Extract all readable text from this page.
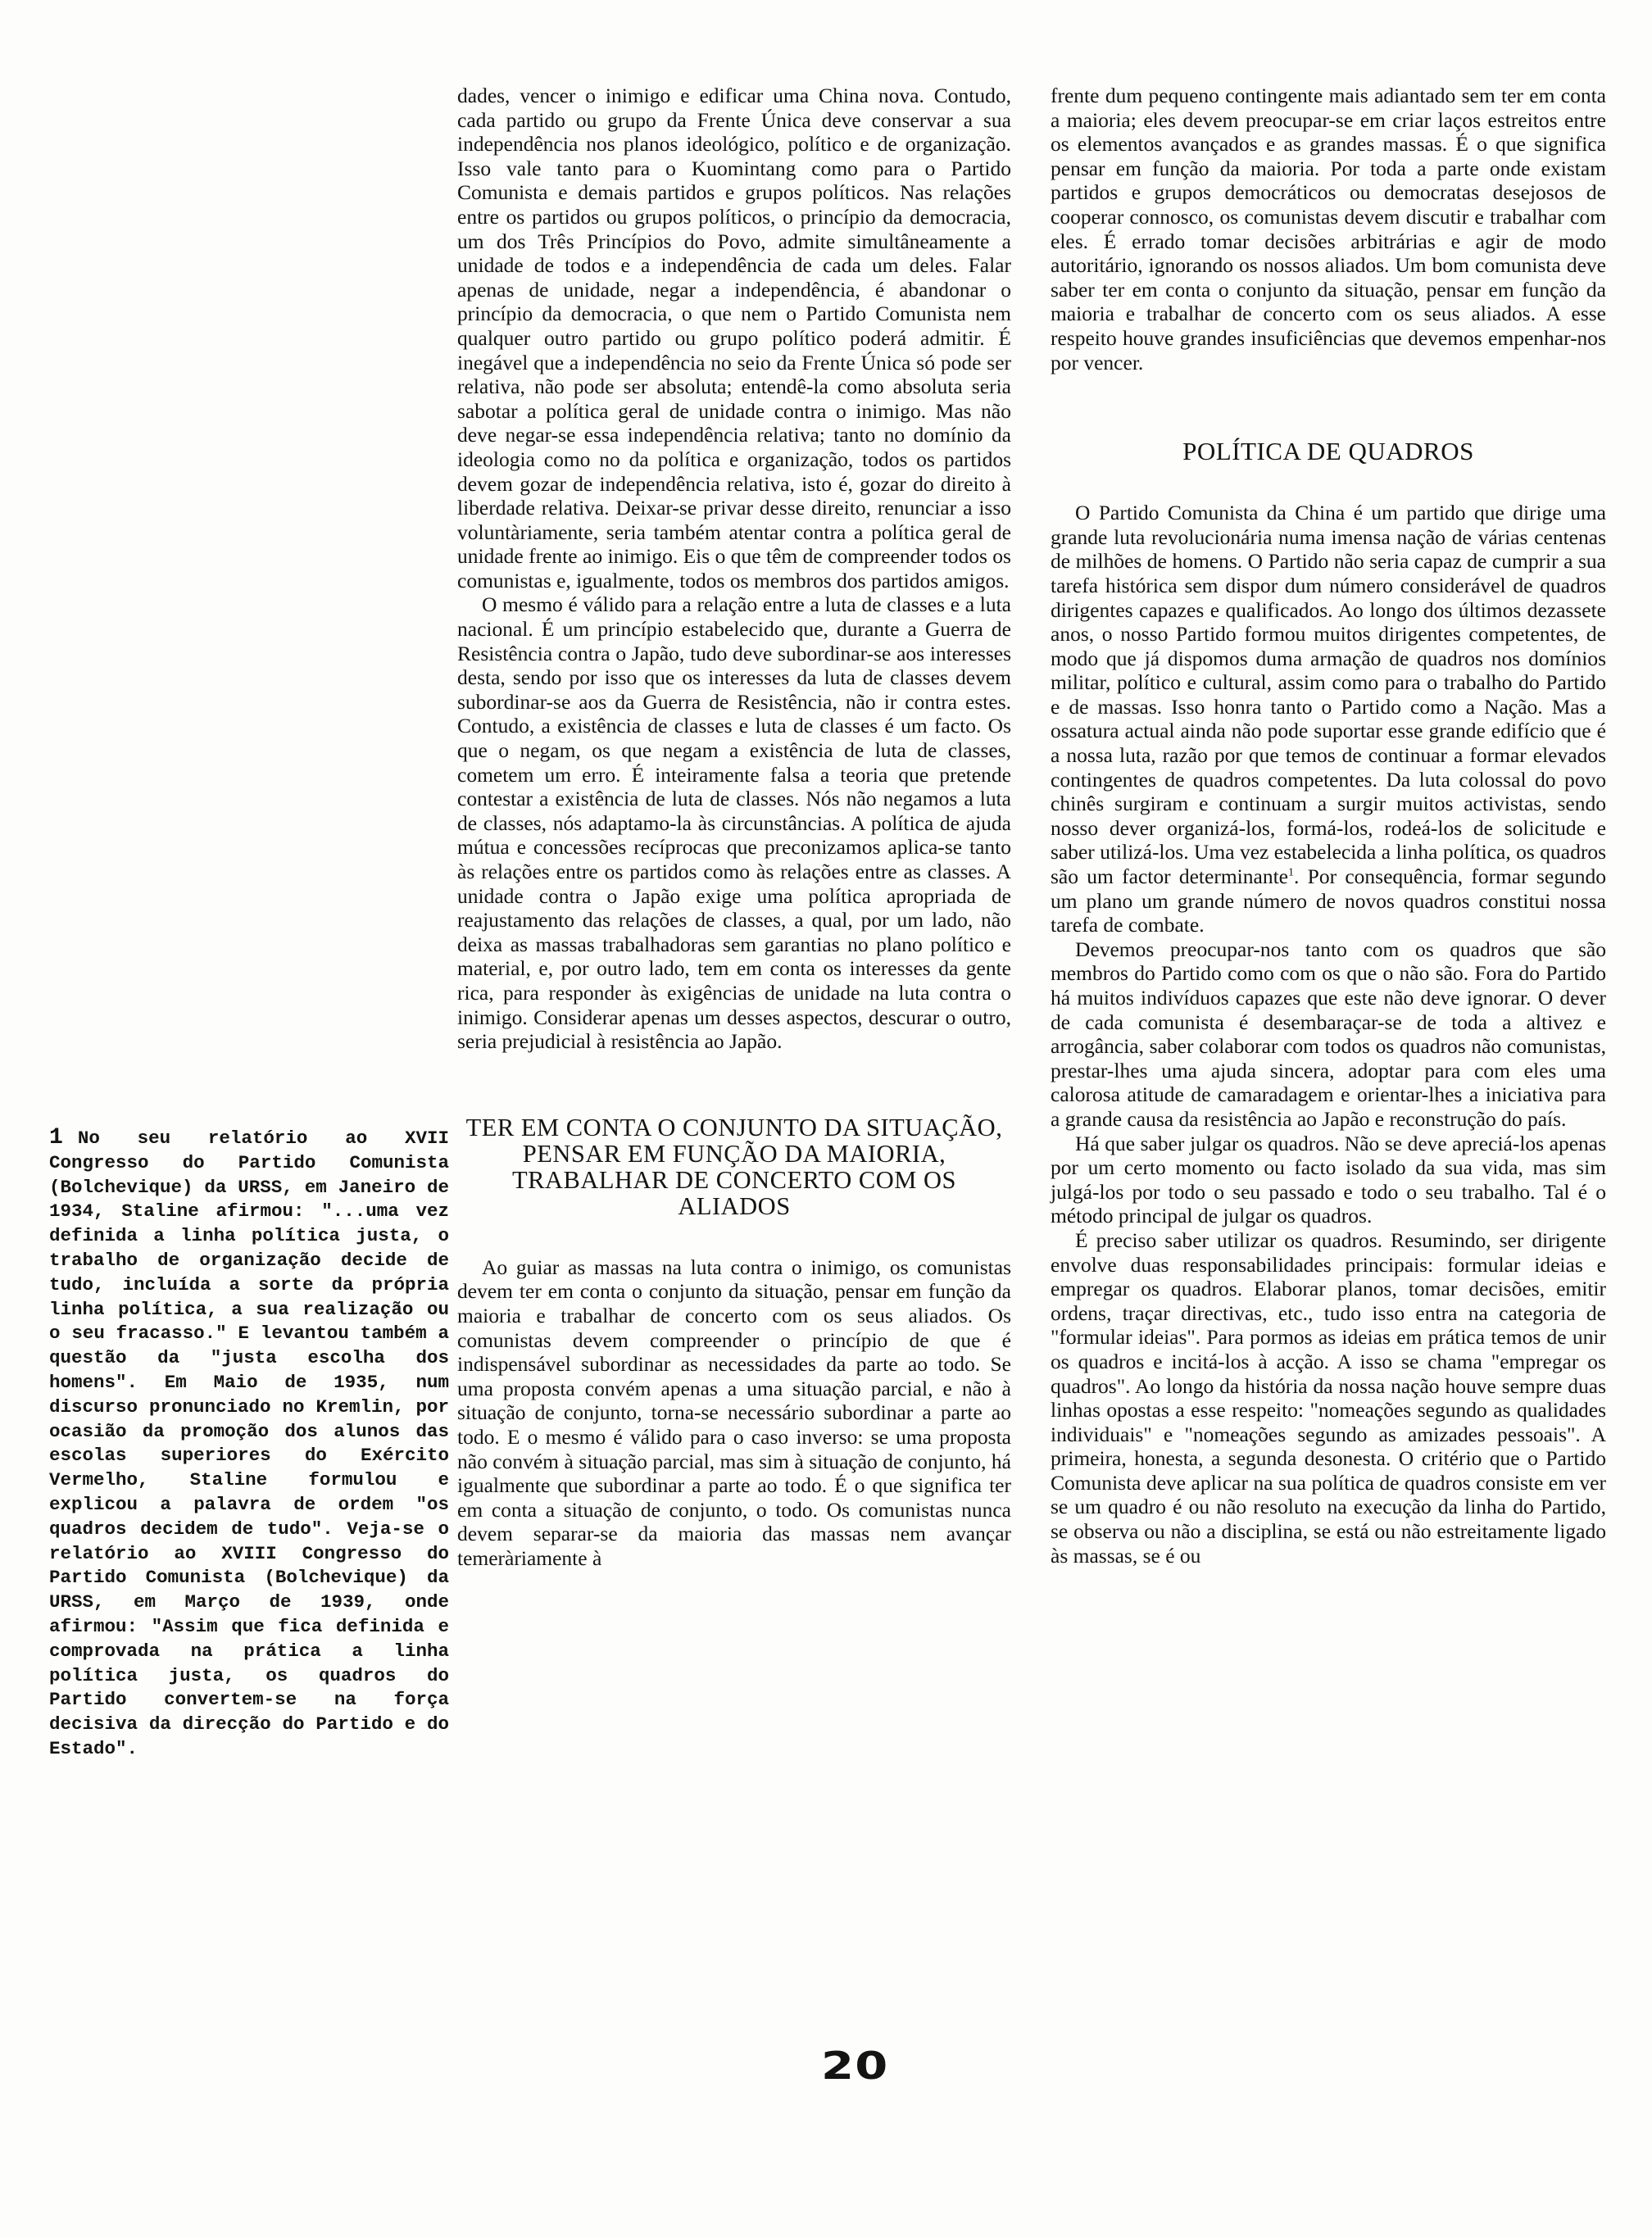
1 No seu relatório ao XVII Congresso do Partido Comunista (Bolchevique) da URSS, em Janeiro de 1934, Staline afirmou: "...uma vez definida a linha política justa, o trabalho de organização decide de tudo, incluída a sorte da própria linha política, a sua realização ou o seu fracasso." E levantou também a questão da "justa escolha dos homens". Em Maio de 1935, num discurso pronunciado no Kremlin, por ocasião da promoção dos alunos das escolas superiores do Exército Vermelho, Staline formulou e explicou a palavra de ordem "os quadros decidem de tudo". Veja-se o relatório ao XVIII Congresso do Partido Comunista (Bolchevique) da URSS, em Março de 1939, onde afirmou: "Assim que fica definida e comprovada na prática a linha política justa, os quadros do Partido convertem-se na força decisiva da direcção do Partido e do Estado".

dades, vencer o inimigo e edificar uma China nova. Contudo, cada partido ou grupo da Frente Única deve conservar a sua independência nos planos ideológico, político e de organização. Isso vale tanto para o Kuomintang como para o Partido Comunista e demais partidos e grupos políticos. Nas relações entre os partidos ou grupos políticos, o princípio da democracia, um dos Três Princípios do Povo, admite simultâneamente a unidade de todos e a independência de cada um deles. Falar apenas de unidade, negar a independência, é abandonar o princípio da democracia, o que nem o Partido Comunista nem qualquer outro partido ou grupo político poderá admitir. É inegável que a independência no seio da Frente Única só pode ser relativa, não pode ser absoluta; entendê-la como absoluta seria sabotar a política geral de unidade contra o inimigo. Mas não deve negar-se essa independência relativa; tanto no domínio da ideologia como no da política e organização, todos os partidos devem gozar de independência relativa, isto é, gozar do direito à liberdade relativa. Deixar-se privar desse direito, renunciar a isso voluntàriamente, seria também atentar contra a política geral de unidade frente ao inimigo. Eis o que têm de compreender todos os comunistas e, igualmente, todos os membros dos partidos amigos.

O mesmo é válido para a relação entre a luta de classes e a luta nacional. É um princípio estabelecido que, durante a Guerra de Resistência contra o Japão, tudo deve subordinar-se aos interesses desta, sendo por isso que os interesses da luta de classes devem subordinar-se aos da Guerra de Resistência, não ir contra estes. Contudo, a existência de classes e luta de classes é um facto. Os que o negam, os que negam a existência de luta de classes, cometem um erro. É inteiramente falsa a teoria que pretende contestar a existência de luta de classes. Nós não negamos a luta de classes, nós adaptamo-la às circunstâncias. A política de ajuda mútua e concessões recíprocas que preconizamos aplica-se tanto às relações entre os partidos como às relações entre as classes. A unidade contra o Japão exige uma política apropriada de reajustamento das relações de classes, a qual, por um lado, não deixa as massas trabalhadoras sem garantias no plano político e material, e, por outro lado, tem em conta os interesses da gente rica, para responder às exigências de unidade na luta contra o inimigo. Considerar apenas um desses aspectos, descurar o outro, seria prejudicial à resistência ao Japão.

TER EM CONTA O CONJUNTO DA SITUAÇÃO, PENSAR EM FUNÇÃO DA MAIORIA, TRABALHAR DE CONCERTO COM OS ALIADOS

Ao guiar as massas na luta contra o inimigo, os comunistas devem ter em conta o conjunto da situação, pensar em função da maioria e trabalhar de concerto com os seus aliados. Os comunistas devem compreender o princípio de que é indispensável subordinar as necessidades da parte ao todo. Se uma proposta convém apenas a uma situação parcial, e não à situação de conjunto, torna-se necessário subordinar a parte ao todo. E o mesmo é válido para o caso inverso: se uma proposta não convém à situação parcial, mas sim à situação de conjunto, há igualmente que subordinar a parte ao todo. É o que significa ter em conta a situação de conjunto, o todo. Os comunistas nunca devem separar-se da maioria das massas nem avançar temeràriamente à

frente dum pequeno contingente mais adiantado sem ter em conta a maioria; eles devem preocupar-se em criar laços estreitos entre os elementos avançados e as grandes massas. É o que significa pensar em função da maioria. Por toda a parte onde existam partidos e grupos democráticos ou democratas desejosos de cooperar connosco, os comunistas devem discutir e trabalhar com eles. É errado tomar decisões arbitrárias e agir de modo autoritário, ignorando os nossos aliados. Um bom comunista deve saber ter em conta o conjunto da situação, pensar em função da maioria e trabalhar de concerto com os seus aliados. A esse respeito houve grandes insuficiências que devemos empenhar-nos por vencer.

POLÍTICA DE QUADROS

O Partido Comunista da China é um partido que dirige uma grande luta revolucionária numa imensa nação de várias centenas de milhões de homens. O Partido não seria capaz de cumprir a sua tarefa histórica sem dispor dum número considerável de quadros dirigentes capazes e qualificados. Ao longo dos últimos dezassete anos, o nosso Partido formou muitos dirigentes competentes, de modo que já dispomos duma armação de quadros nos domínios militar, político e cultural, assim como para o trabalho do Partido e de massas. Isso honra tanto o Partido como a Nação. Mas a ossatura actual ainda não pode suportar esse grande edifício que é a nossa luta, razão por que temos de continuar a formar elevados contingentes de quadros competentes. Da luta colossal do povo chinês surgiram e continuam a surgir muitos activistas, sendo nosso dever organizá-los, formá-los, rodeá-los de solicitude e saber utilizá-los. Uma vez estabelecida a linha política, os quadros são um factor determinante$^1$. Por consequência, formar segundo um plano um grande número de novos quadros constitui nossa tarefa de combate.

Devemos preocupar-nos tanto com os quadros que são membros do Partido como com os que o não são. Fora do Partido há muitos indivíduos capazes que este não deve ignorar. O dever de cada comunista é desembaraçar-se de toda a altivez e arrogância, saber colaborar com todos os quadros não comunistas, prestar-lhes uma ajuda sincera, adoptar para com eles uma calorosa atitude de camaradagem e orientar-lhes a iniciativa para a grande causa da resistência ao Japão e reconstrução do país.

Há que saber julgar os quadros. Não se deve apreciá-los apenas por um certo momento ou facto isolado da sua vida, mas sim julgá-los por todo o seu passado e todo o seu trabalho. Tal é o método principal de julgar os quadros.

É preciso saber utilizar os quadros. Resumindo, ser dirigente envolve duas responsabilidades principais: formular ideias e empregar os quadros. Elaborar planos, tomar decisões, emitir ordens, traçar directivas, etc., tudo isso entra na categoria de "formular ideias". Para pormos as ideias em prática temos de unir os quadros e incitá-los à acção. A isso se chama "empregar os quadros". Ao longo da história da nossa nação houve sempre duas linhas opostas a esse respeito: "nomeações segundo as qualidades individuais" e "nomeações segundo as amizades pessoais". A primeira, honesta, a segunda desonesta. O critério que o Partido Comunista deve aplicar na sua política de quadros consiste em ver se um quadro é ou não resoluto na execução da linha do Partido, se observa ou não a disciplina, se está ou não estreitamente ligado às massas, se é ou

20
